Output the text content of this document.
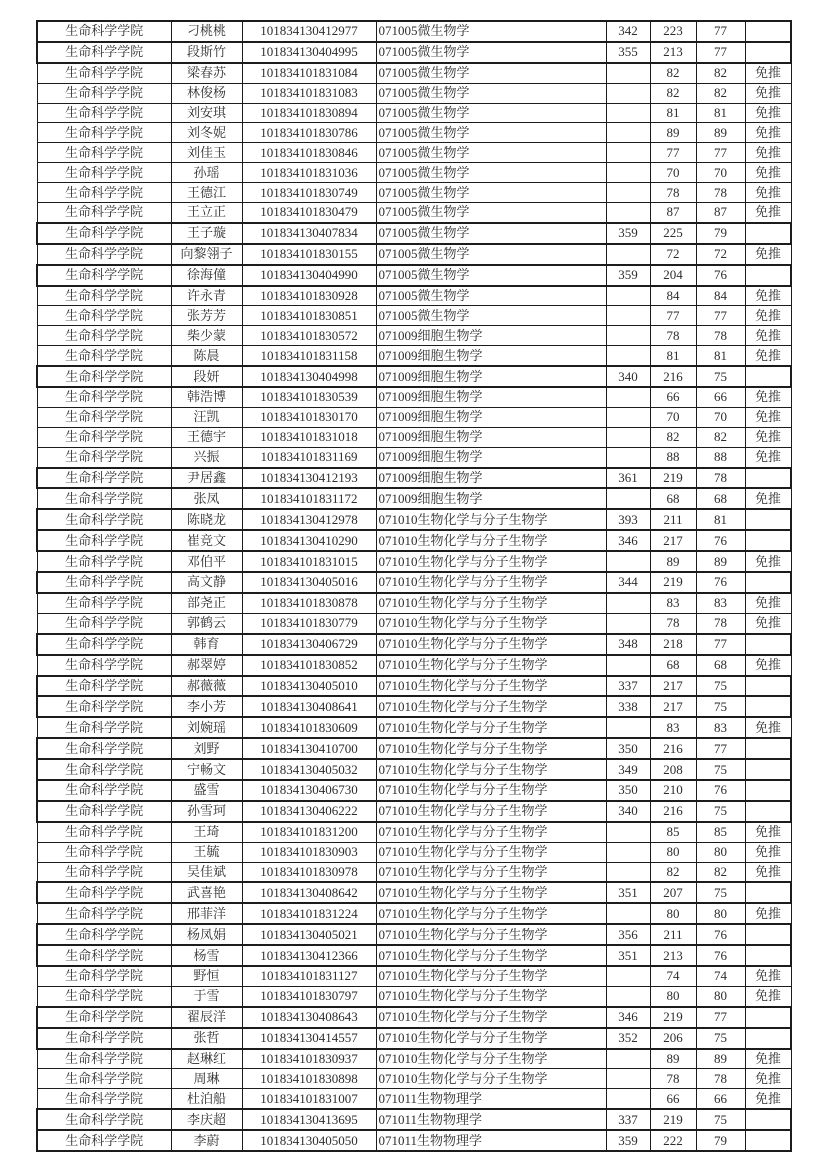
生命科学学院	刁桃桃	101834130412977	071005微生物学	342	223	77	
生命科学学院	段斯竹	101834130404995	071005微生物学	355	213	77	
生命科学学院	梁春苏	101834101831084	071005微生物学		82	82	免推
生命科学学院	林俊杨	101834101831083	071005微生物学		82	82	免推
生命科学学院	刘安琪	101834101830894	071005微生物学		81	81	免推
生命科学学院	刘冬妮	101834101830786	071005微生物学		89	89	免推
生命科学学院	刘佳玉	101834101830846	071005微生物学		77	77	免推
生命科学学院	孙瑶	101834101831036	071005微生物学		70	70	免推
生命科学学院	王德江	101834101830749	071005微生物学		78	78	免推
生命科学学院	王立正	101834101830479	071005微生物学		87	87	免推
生命科学学院	王子璇	101834130407834	071005微生物学	359	225	79	
生命科学学院	向黎翎子	101834101830155	071005微生物学		72	72	免推
生命科学学院	徐海僮	101834130404990	071005微生物学	359	204	76	
生命科学学院	许永青	101834101830928	071005微生物学		84	84	免推
生命科学学院	张芳芳	101834101830851	071005微生物学		77	77	免推
生命科学学院	柴少蒙	101834101830572	071009细胞生物学		78	78	免推
生命科学学院	陈晨	101834101831158	071009细胞生物学		81	81	免推
生命科学学院	段妍	101834130404998	071009细胞生物学	340	216	75	
生命科学学院	韩浩博	101834101830539	071009细胞生物学		66	66	免推
生命科学学院	汪凯	101834101830170	071009细胞生物学		70	70	免推
生命科学学院	王德宇	101834101831018	071009细胞生物学		82	82	免推
生命科学学院	兴振	101834101831169	071009细胞生物学		88	88	免推
生命科学学院	尹居鑫	101834130412193	071009细胞生物学	361	219	78	
生命科学学院	张凤	101834101831172	071009细胞生物学		68	68	免推
生命科学学院	陈晓龙	101834130412978	071010生物化学与分子生物学	393	211	81	
生命科学学院	崔竞文	101834130410290	071010生物化学与分子生物学	346	217	76	
生命科学学院	邓伯平	101834101831015	071010生物化学与分子生物学		89	89	免推
生命科学学院	高文静	101834130405016	071010生物化学与分子生物学	344	219	76	
生命科学学院	部尧正	101834101830878	071010生物化学与分子生物学		83	83	免推
生命科学学院	郭鹤云	101834101830779	071010生物化学与分子生物学		78	78	免推
生命科学学院	韩育	101834130406729	071010生物化学与分子生物学	348	218	77	
生命科学学院	郝翠婷	101834101830852	071010生物化学与分子生物学		68	68	免推
生命科学学院	郝薇薇	101834130405010	071010生物化学与分子生物学	337	217	75	
生命科学学院	李小芳	101834130408641	071010生物化学与分子生物学	338	217	75	
生命科学学院	刘婉瑶	101834101830609	071010生物化学与分子生物学		83	83	免推
生命科学学院	刘野	101834130410700	071010生物化学与分子生物学	350	216	77	
生命科学学院	宁畅文	101834130405032	071010生物化学与分子生物学	349	208	75	
生命科学学院	盛雪	101834130406730	071010生物化学与分子生物学	350	210	76	
生命科学学院	孙雪珂	101834130406222	071010生物化学与分子生物学	340	216	75	
生命科学学院	王琦	101834101831200	071010生物化学与分子生物学		85	85	免推
生命科学学院	王毓	101834101830903	071010生物化学与分子生物学		80	80	免推
生命科学学院	吴佳斌	101834101830978	071010生物化学与分子生物学		82	82	免推
生命科学学院	武喜艳	101834130408642	071010生物化学与分子生物学	351	207	75	
生命科学学院	邢菲洋	101834101831224	071010生物化学与分子生物学		80	80	免推
生命科学学院	杨凤娟	101834130405021	071010生物化学与分子生物学	356	211	76	
生命科学学院	杨雪	101834130412366	071010生物化学与分子生物学	351	213	76	
生命科学学院	野恒	101834101831127	071010生物化学与分子生物学		74	74	免推
生命科学学院	于雪	101834101830797	071010生物化学与分子生物学		80	80	免推
生命科学学院	翟辰洋	101834130408643	071010生物化学与分子生物学	346	219	77	
生命科学学院	张哲	101834130414557	071010生物化学与分子生物学	352	206	75	
生命科学学院	赵琳红	101834101830937	071010生物化学与分子生物学		89	89	免推
生命科学学院	周琳	101834101830898	071010生物化学与分子生物学		78	78	免推
生命科学学院	杜泊船	101834101831007	071011生物物理学		66	66	免推
生命科学学院	李庆超	101834130413695	071011生物物理学	337	219	75	
生命科学学院	李蔚	101834130405050	071011生物物理学	359	222	79	
